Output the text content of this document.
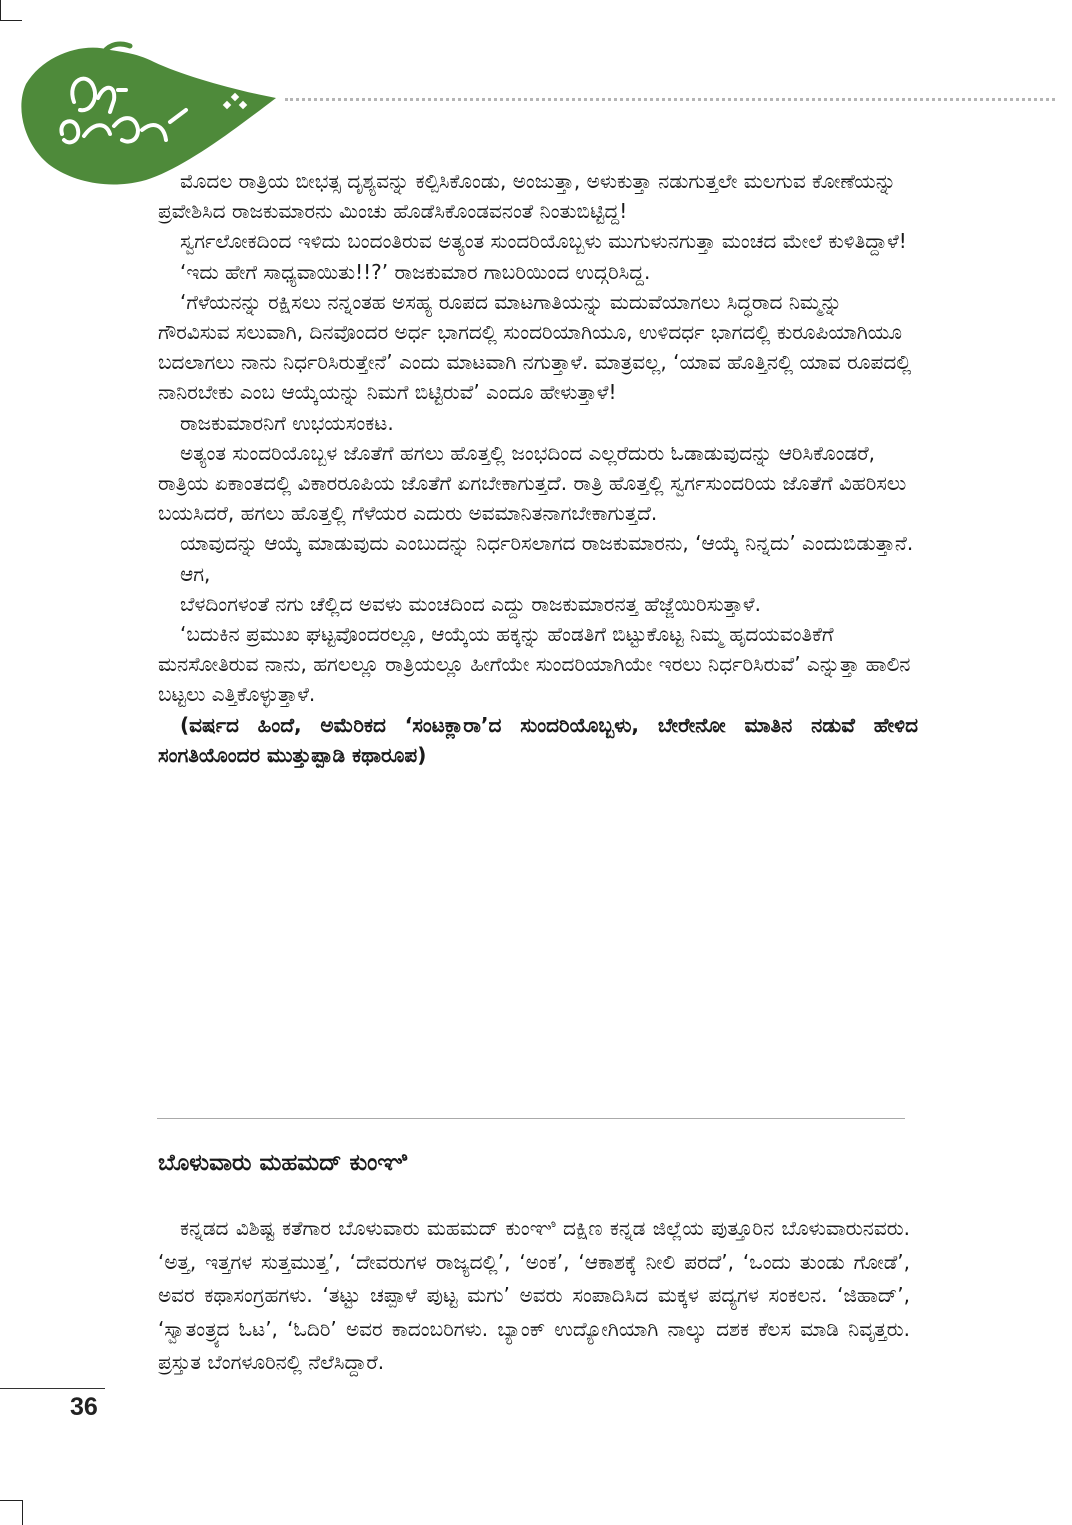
ಮೊದಲ ರಾತ್ರಿಯ ಬೀಭತ್ಸ ದೃಶ್ಯವನ್ನು ಕಲ್ಪಿಸಿಕೊಂಡು, ಅಂಜುತ್ತಾ, ಅಳುಕುತ್ತಾ ನಡುಗುತ್ತಲೇ ಮಲಗುವ ಕೋಣೆಯನ್ನು ಪ್ರವೇಶಿಸಿದ ರಾಜಕುಮಾರನು ಮಿಂಚು ಹೊಡೆಸಿಕೊಂಡವನಂತೆ ನಿಂತುಬಿಟ್ಟಿದ್ದ!

ಸ್ವರ್ಗಲೋಕದಿಂದ ಇಳಿದು ಬಂದಂತಿರುವ ಅತ್ಯಂತ ಸುಂದರಿಯೊಬ್ಬಳು ಮುಗುಳುನಗುತ್ತಾ ಮಂಚದ ಮೇಲೆ ಕುಳಿತಿದ್ದಾಳೆ!

‘ಇದು ಹೇಗೆ ಸಾಧ್ಯವಾಯಿತು!!?’ ರಾಜಕುಮಾರ ಗಾಬರಿಯಿಂದ ಉದ್ಗರಿಸಿದ್ದ.

‘ಗೆಳೆಯನನ್ನು ರಕ್ಷಿಸಲು ನನ್ನಂತಹ ಅಸಹ್ಯ ರೂಪದ ಮಾಟಗಾತಿಯನ್ನು ಮದುವೆಯಾಗಲು ಸಿದ್ಧರಾದ ನಿಮ್ಮನ್ನು ಗೌರವಿಸುವ ಸಲುವಾಗಿ, ದಿನವೊಂದರ ಅರ್ಧ ಭಾಗದಲ್ಲಿ ಸುಂದರಿಯಾಗಿಯೂ, ಉಳಿದರ್ಧ ಭಾಗದಲ್ಲಿ ಕುರೂಪಿಯಾಗಿಯೂ ಬದಲಾಗಲು ನಾನು ನಿರ್ಧರಿಸಿರುತ್ತೇನೆ’ ಎಂದು ಮಾಟವಾಗಿ ನಗುತ್ತಾಳೆ. ಮಾತ್ರವಲ್ಲ, ‘ಯಾವ ಹೊತ್ತಿನಲ್ಲಿ ಯಾವ ರೂಪದಲ್ಲಿ ನಾನಿರಬೇಕು ಎಂಬ ಆಯ್ಕೆಯನ್ನು ನಿಮಗೆ ಬಿಟ್ಟಿರುವೆ’ ಎಂದೂ ಹೇಳುತ್ತಾಳೆ!

ರಾಜಕುಮಾರನಿಗೆ ಉಭಯಸಂಕಟ.

ಅತ್ಯಂತ ಸುಂದರಿಯೊಬ್ಬಳ ಜೊತೆಗೆ ಹಗಲು ಹೊತ್ತಲ್ಲಿ ಜಂಭದಿಂದ ಎಲ್ಲರೆದುರು ಓಡಾಡುವುದನ್ನು ಆರಿಸಿಕೊಂಡರೆ, ರಾತ್ರಿಯ ಏಕಾಂತದಲ್ಲಿ ವಿಕಾರರೂಪಿಯ ಜೊತೆಗೆ ಏಗಬೇಕಾಗುತ್ತದೆ. ರಾತ್ರಿ ಹೊತ್ತಲ್ಲಿ ಸ್ವರ್ಗಸುಂದರಿಯ ಜೊತೆಗೆ ವಿಹರಿಸಲು ಬಯಸಿದರೆ, ಹಗಲು ಹೊತ್ತಲ್ಲಿ ಗೆಳೆಯರ ಎದುರು ಅವಮಾನಿತನಾಗಬೇಕಾಗುತ್ತದೆ.

ಯಾವುದನ್ನು ಆಯ್ಕೆ ಮಾಡುವುದು ಎಂಬುದನ್ನು ನಿರ್ಧರಿಸಲಾಗದ ರಾಜಕುಮಾರನು, ‘ಆಯ್ಕೆ ನಿನ್ನದು’ ಎಂದುಬಿಡುತ್ತಾನೆ.

ಆಗ,

ಬೆಳದಿಂಗಳಂತೆ ನಗು ಚೆಲ್ಲಿದ ಅವಳು ಮಂಚದಿಂದ ಎದ್ದು ರಾಜಕುಮಾರನತ್ತ ಹೆಜ್ಜೆಯಿರಿಸುತ್ತಾಳೆ.

‘ಬದುಕಿನ ಪ್ರಮುಖ ಘಟ್ಟವೊಂದರಲ್ಲೂ, ಆಯ್ಕೆಯ ಹಕ್ಕನ್ನು ಹೆಂಡತಿಗೆ ಬಿಟ್ಟುಕೊಟ್ಟ ನಿಮ್ಮ ಹೃದಯವಂತಿಕೆಗೆ ಮನಸೋತಿರುವ ನಾನು, ಹಗಲಲ್ಲೂ ರಾತ್ರಿಯಲ್ಲೂ ಹೀಗೆಯೇ ಸುಂದರಿಯಾಗಿಯೇ ಇರಲು ನಿರ್ಧರಿಸಿರುವೆ’ ಎನ್ನುತ್ತಾ ಹಾಲಿನ ಬಟ್ಟಲು ಎತ್ತಿಕೊಳ್ಳುತ್ತಾಳೆ.

(ವರ್ಷದ ಹಿಂದೆ, ಅಮೆರಿಕದ ‘ಸಂಟಕ್ಲಾರಾ’ದ ಸುಂದರಿಯೊಬ್ಬಳು, ಬೇರೇನೋ ಮಾತಿನ ನಡುವೆ ಹೇಳಿದ ಸಂಗತಿಯೊಂದರ ಮುತ್ತುಪ್ಪಾಡಿ ಕಥಾರೂಪ)

ಬೊಳುವಾರು ಮಹಮದ್ ಕುಂಞಿ

ಕನ್ನಡದ ವಿಶಿಷ್ಟ ಕತೆಗಾರ ಬೊಳುವಾರು ಮಹಮದ್ ಕುಂಞಿ ದಕ್ಷಿಣ ಕನ್ನಡ ಜಿಲ್ಲೆಯ ಪುತ್ತೂರಿನ ಬೊಳುವಾರುನವರು. ‘ಅತ್ತ, ಇತ್ತಗಳ ಸುತ್ತಮುತ್ತ’, ‘ದೇವರುಗಳ ರಾಜ್ಯದಲ್ಲಿ’, ‘ಅಂಕ’, ‘ಆಕಾಶಕ್ಕೆ ನೀಲಿ ಪರದೆ’, ‘ಒಂದು ತುಂಡು ಗೋಡೆ’, ಅವರ ಕಥಾಸಂಗ್ರಹಗಳು. ‘ತಟ್ಟು ಚಪ್ಪಾಳೆ ಪುಟ್ಟ ಮಗು’ ಅವರು ಸಂಪಾದಿಸಿದ ಮಕ್ಕಳ ಪದ್ಯಗಳ ಸಂಕಲನ. ‘ಜಿಹಾದ್’, ‘ಸ್ವಾತಂತ್ರ್ಯದ ಓಟ’, ‘ಓದಿರಿ’ ಅವರ ಕಾದಂಬರಿಗಳು. ಬ್ಯಾಂಕ್ ಉದ್ಯೋಗಿಯಾಗಿ ನಾಲ್ಕು ದಶಕ ಕೆಲಸ ಮಾಡಿ ನಿವೃತ್ತರು. ಪ್ರಸ್ತುತ ಬೆಂಗಳೂರಿನಲ್ಲಿ ನೆಲೆಸಿದ್ದಾರೆ.

36
